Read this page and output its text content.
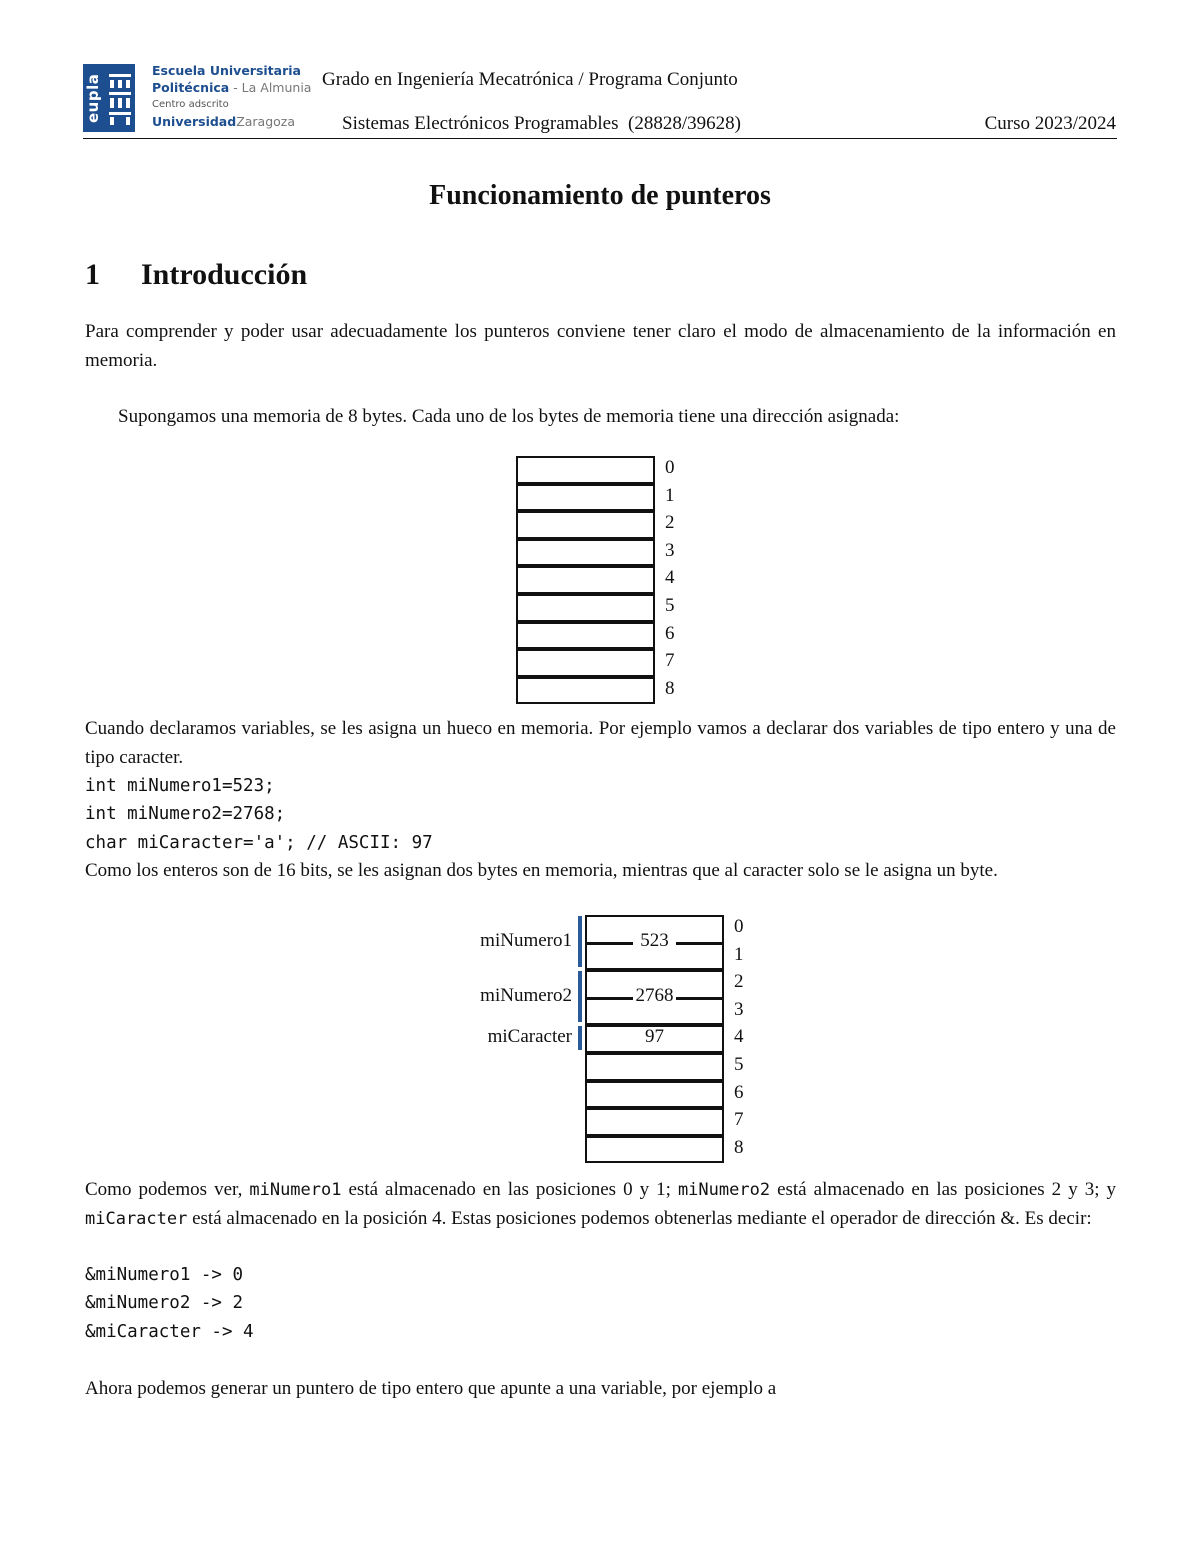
eupla
Escuela Universitaria
Politécnica - La Almunia
Centro adscrito
UniversidadZaragoza
Grado en Ingeniería Mecatrónica / Programa Conjunto
Sistemas Electrónicos Programables  (28828/39628)	Curso 2023/2024
Funcionamiento de punteros
1 Introducción
Para comprender y poder usar adecuadamente los punteros conviene tener claro el modo de almacenamiento de la información en memoria.
Supongamos una memoria de 8 bytes. Cada uno de los bytes de memoria tiene una dirección asignada:
0
1
2
3
4
5
6
7
8
Cuando declaramos variables, se les asigna un hueco en memoria. Por ejemplo vamos a declarar dos variables de tipo entero y una de tipo caracter.
int miNumero1=523;
int miNumero2=2768;
char miCaracter='a'; // ASCII: 97
Como los enteros son de 16 bits, se les asignan dos bytes en memoria, mientras que al caracter solo se le asigna un byte.
miNumero1	523
miNumero2	2768
miCaracter	97
0
1
2
3
4
5
6
7
8
Como podemos ver, miNumero1 está almacenado en las posiciones 0 y 1; miNumero2 está almacenado en las posiciones 2 y 3; y miCaracter está almacenado en la posición 4. Estas posiciones podemos obtenerlas mediante el operador de dirección &. Es decir:
&miNumero1 -> 0
&miNumero2 -> 2
&miCaracter -> 4
Ahora podemos generar un puntero de tipo entero que apunte a una variable, por ejemplo a
